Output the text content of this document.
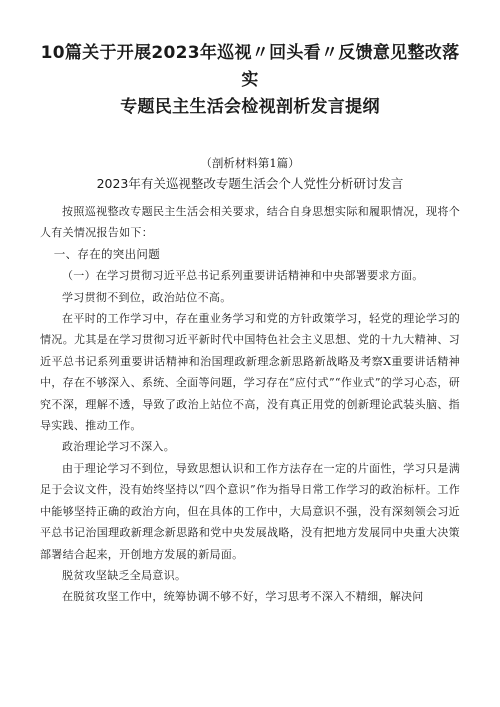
10篇关于开展2023年巡视〃回头看〃反馈意见整改落实
专题民主生活会检视剖析发言提纲

（剖析材料第1篇）

2023年有关巡视整改专题生活会个人党性分析研讨发言

按照巡视整改专题民主生活会相关要求，结合自身思想实际和履职情况，现将个人有关情况报告如下：

一、存在的突出问题

（一）在学习贯彻习近平总书记系列重要讲话精神和中央部署要求方面。

学习贯彻不到位，政治站位不高。

在平时的工作学习中，存在重业务学习和党的方针政策学习，轻党的理论学习的情况。尤其是在学习贯彻习近平新时代中国特色社会主义思想、党的十九大精神、习近平总书记系列重要讲话精神和治国理政新理念新思路新战略及考察X重要讲话精神中，存在不够深入、系统、全面等问题，学习存在“应付式”“作业式”的学习心态，研究不深，理解不透，导致了政治上站位不高，没有真正用党的创新理论武装头脑、指导实践、推动工作。

政治理论学习不深入。

由于理论学习不到位，导致思想认识和工作方法存在一定的片面性，学习只是满足于会议文件，没有始终坚持以“四个意识”作为指导日常工作学习的政治标杆。工作中能够坚持正确的政治方向，但在具体的工作中，大局意识不强，没有深刻领会习近平总书记治国理政新理念新思路和党中央发展战略，没有把地方发展同中央重大决策部署结合起来，开创地方发展的新局面。

脱贫攻坚缺乏全局意识。

在脱贫攻坚工作中，统筹协调不够不好，学习思考不深入不精细，解决问
